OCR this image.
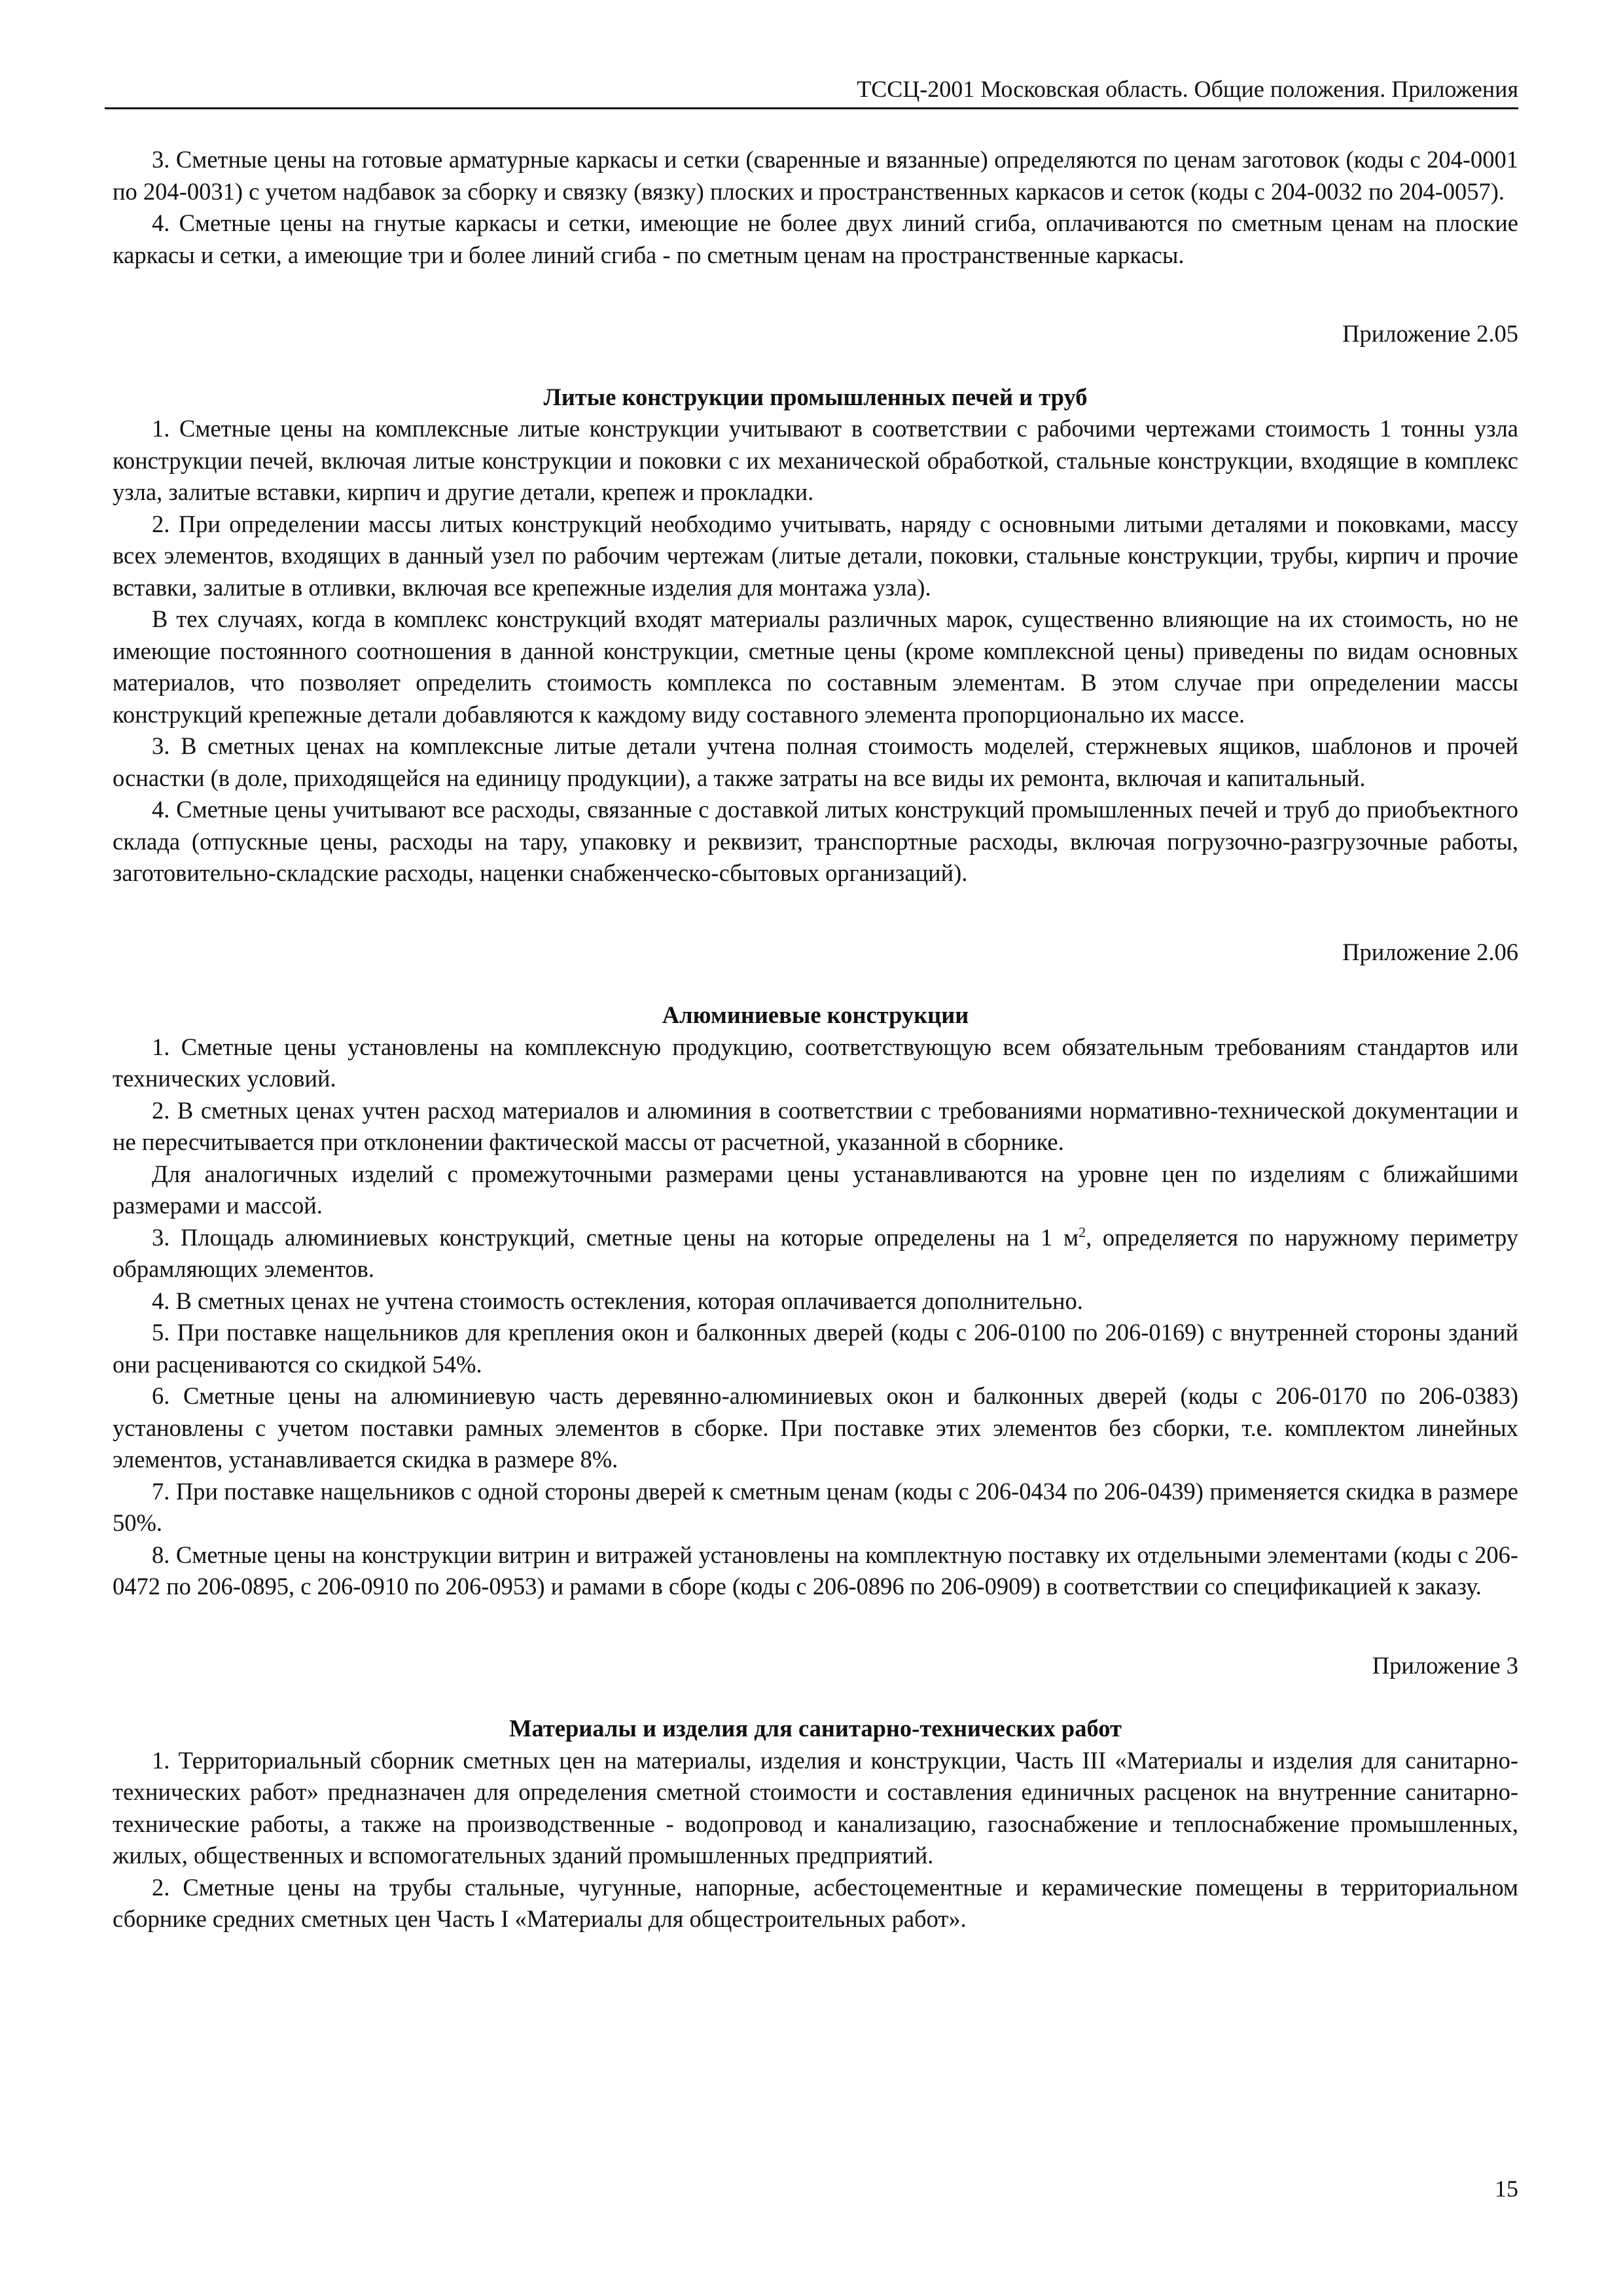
ТССЦ-2001 Московская область. Общие положения. Приложения

3. Сметные цены на готовые арматурные каркасы и сетки (сваренные и вязанные) определяются по ценам заготовок (коды с 204-0001 по 204-0031) с учетом надбавок за сборку и связку (вязку) плоских и пространственных каркасов и сеток (коды с 204-0032 по 204-0057).

4. Сметные цены на гнутые каркасы и сетки, имеющие не более двух линий сгиба, оплачиваются по сметным ценам на плоские каркасы и сетки, а имеющие три и более линий сгиба - по сметным ценам на пространственные каркасы.

Приложение 2.05

Литые конструкции промышленных печей и труб

1. Сметные цены на комплексные литые конструкции учитывают в соответствии с рабочими чертежами стоимость 1 тонны узла конструкции печей, включая литые конструкции и поковки с их механической обработкой, стальные конструкции, входящие в комплекс узла, залитые вставки, кирпич и другие детали, крепеж и прокладки.

2. При определении массы литых конструкций необходимо учитывать, наряду с основными литыми деталями и поковками, массу всех элементов, входящих в данный узел по рабочим чертежам (литые детали, поковки, стальные конструкции, трубы, кирпич и прочие вставки, залитые в отливки, включая все крепежные изделия для монтажа узла).

В тех случаях, когда в комплекс конструкций входят материалы различных марок, существенно влияющие на их стоимость, но не имеющие постоянного соотношения в данной конструкции, сметные цены (кроме комплексной цены) приведены по видам основных материалов, что позволяет определить стоимость комплекса по составным элементам. В этом случае при определении массы конструкций крепежные детали добавляются к каждому виду составного элемента пропорционально их массе.

3. В сметных ценах на комплексные литые детали учтена полная стоимость моделей, стержневых ящиков, шаблонов и прочей оснастки (в доле, приходящейся на единицу продукции), а также затраты на все виды их ремонта, включая и капитальный.

4. Сметные цены учитывают все расходы, связанные с доставкой литых конструкций промышленных печей и труб до приобъектного склада (отпускные цены, расходы на тару, упаковку и реквизит, транспортные расходы, включая погрузочно-разгрузочные работы, заготовительно-складские расходы, наценки снабженческо-сбытовых организаций).

Приложение 2.06

Алюминиевые конструкции

1. Сметные цены установлены на комплексную продукцию, соответствующую всем обязательным требованиям стандартов или технических условий.

2. В сметных ценах учтен расход материалов и алюминия в соответствии с требованиями нормативно-технической документации и не пересчитывается при отклонении фактической массы от расчетной, указанной в сборнике.

Для аналогичных изделий с промежуточными размерами цены устанавливаются на уровне цен по изделиям с ближайшими размерами и массой.

3. Площадь алюминиевых конструкций, сметные цены на которые определены на 1 $м^2$, определяется по наружному периметру обрамляющих элементов.

4. В сметных ценах не учтена стоимость остекления, которая оплачивается дополнительно.

5. При поставке нащельников для крепления окон и балконных дверей (коды с 206-0100 по 206-0169) с внутренней стороны зданий они расцениваются со скидкой 54%.

6. Сметные цены на алюминиевую часть деревянно-алюминиевых окон и балконных дверей (коды с 206-0170 по 206-0383) установлены с учетом поставки рамных элементов в сборке. При поставке этих элементов без сборки, т.е. комплектом линейных элементов, устанавливается скидка в размере 8%.

7. При поставке нащельников с одной стороны дверей к сметным ценам (коды с 206-0434 по 206-0439) применяется скидка в размере 50%.

8. Сметные цены на конструкции витрин и витражей установлены на комплектную поставку их отдельными элементами (коды с 206-0472 по 206-0895, с 206-0910 по 206-0953) и рамами в сборе (коды с 206-0896 по 206-0909) в соответствии со спецификацией к заказу.

Приложение 3

Материалы и изделия для санитарно-технических работ

1. Территориальный сборник сметных цен на материалы, изделия и конструкции, Часть III «Материалы и изделия для санитарно-технических работ» предназначен для определения сметной стоимости и составления единичных расценок на внутренние санитарно-технические работы, а также на производственные - водопровод и канализацию, газоснабжение и теплоснабжение промышленных, жилых, общественных и вспомогательных зданий промышленных предприятий.

2. Сметные цены на трубы стальные, чугунные, напорные, асбестоцементные и керамические помещены в территориальном сборнике средних сметных цен Часть I «Материалы для общестроительных работ».

15
